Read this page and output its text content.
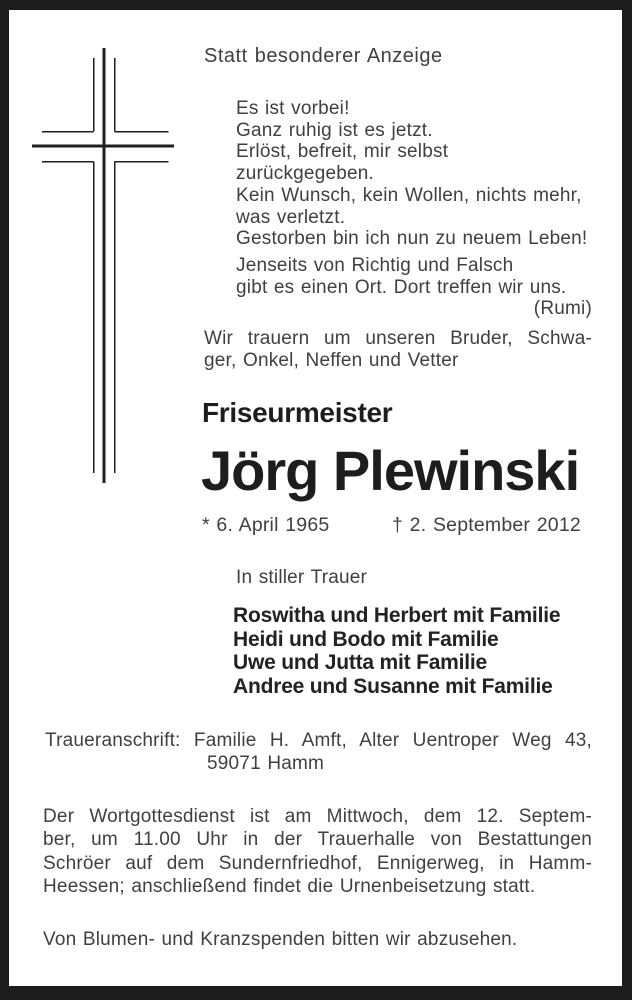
Statt besonderer Anzeige
Es ist vorbei!
Ganz ruhig ist es jetzt.
Erlöst, befreit, mir selbst zurückgegeben.
Kein Wunsch, kein Wollen, nichts mehr,
was verletzt.
Gestorben bin ich nun zu neuem Leben!
Jenseits von Richtig und Falsch
gibt es einen Ort. Dort treffen wir uns.
(Rumi)
Wir trauern um unseren Bruder, Schwa-
ger, Onkel, Neffen und Vetter
Friseurmeister
Jörg Plewinski
* 6. April 1965	† 2. September 2012
In stiller Trauer
Roswitha und Herbert mit Familie
Heidi und Bodo mit Familie
Uwe und Jutta mit Familie
Andree und Susanne mit Familie
Traueranschrift: Familie H. Amft, Alter Uentroper Weg 43,
59071 Hamm
Der Wortgottesdienst ist am Mittwoch, dem 12. Septem-
ber, um 11.00 Uhr in der Trauerhalle von Bestattungen
Schröer auf dem Sundernfriedhof, Ennigerweg, in Hamm-
Heessen; anschließend findet die Urnenbeisetzung statt.
Von Blumen- und Kranzspenden bitten wir abzusehen.
